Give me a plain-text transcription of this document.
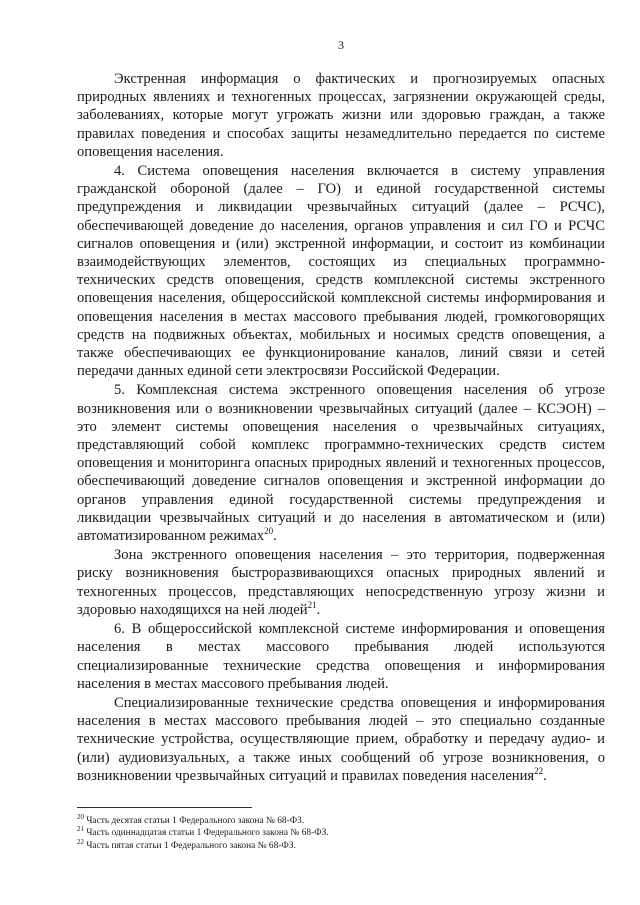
3

Экстренная информация о фактических и прогнозируемых опасных природных явлениях и техногенных процессах, загрязнении окружающей среды, заболеваниях, которые могут угрожать жизни или здоровью граждан, а также правилах поведения и способах защиты незамедлительно передается по системе оповещения населения.

4. Система оповещения населения включается в систему управления гражданской обороной (далее – ГО) и единой государственной системы предупреждения и ликвидации чрезвычайных ситуаций (далее – РСЧС), обеспечивающей доведение до населения, органов управления и сил ГО и РСЧС сигналов оповещения и (или) экстренной информации, и состоит из комбинации взаимодействующих элементов, состоящих из специальных программно-технических средств оповещения, средств комплексной системы экстренного оповещения населения, общероссийской комплексной системы информирования и оповещения населения в местах массового пребывания людей, громкоговорящих средств на подвижных объектах, мобильных и носимых средств оповещения, а также обеспечивающих ее функционирование каналов, линий связи и сетей передачи данных единой сети электросвязи Российской Федерации.

5. Комплексная система экстренного оповещения населения об угрозе возникновения или о возникновении чрезвычайных ситуаций (далее – КСЭОН) – это элемент системы оповещения населения о чрезвычайных ситуациях, представляющий собой комплекс программно-технических средств систем оповещения и мониторинга опасных природных явлений и техногенных процессов, обеспечивающий доведение сигналов оповещения и экстренной информации до органов управления единой государственной системы предупреждения и ликвидации чрезвычайных ситуаций и до населения в автоматическом и (или) автоматизированном режимах$^{20}$.

Зона экстренного оповещения населения – это территория, подверженная риску возникновения быстроразвивающихся опасных природных явлений и техногенных процессов, представляющих непосредственную угрозу жизни и здоровью находящихся на ней людей$^{21}$.

6. В общероссийской комплексной системе информирования и оповещения населения в местах массового пребывания людей используются специализированные технические средства оповещения и информирования населения в местах массового пребывания людей.

Специализированные технические средства оповещения и информирования населения в местах массового пребывания людей – это специально созданные технические устройства, осуществляющие прием, обработку и передачу аудио- и (или) аудиовизуальных, а также иных сообщений об угрозе возникновения, о возникновении чрезвычайных ситуаций и правилах поведения населения$^{22}$.

$^{20}$ Часть десятая статьи 1 Федерального закона № 68-ФЗ.

$^{21}$ Часть одиннадцатая статьи 1 Федерального закона № 68-ФЗ.

$^{22}$ Часть пятая статьи 1 Федерального закона № 68-ФЗ.
